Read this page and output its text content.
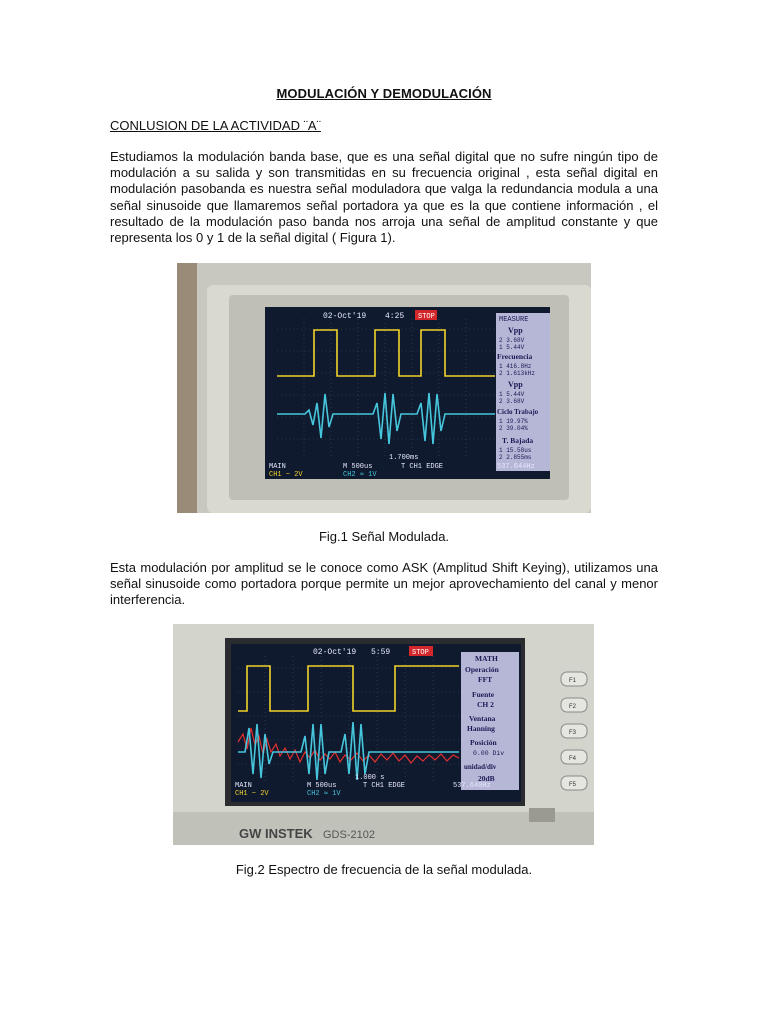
MODULACIÓN Y DEMODULACIÓN
CONLUSION DE LA ACTIVIDAD ¨A¨

Estudiamos la modulación banda base, que es una señal digital que no sufre ningún tipo de modulación a su salida y son transmitidas en su frecuencia original , esta señal digital en modulación pasobanda es nuestra señal moduladora que valga la redundancia modula a una señal sinusoide que llamaremos señal portadora ya que es la que contiene información , el resultado de la modulación paso banda nos arroja una señal de amplitud constante y que representa los 0 y 1 de la señal digital ( Figura 1).

02-Oct'19 4:25 STOP	MEASURE
Vpp
2 3.68V
1 5.44V
Frecuencia
1 416.8Hz
2 1.613kHz
Vpp
1 5.44V
2 3.68V
Ciclo Trabajo
1 19.97%
2 39.04%
T. Bajada
1 15.58us
2 2.855ms
1.700ms
MAIN	M 500us	T CH1 EDGE	537.644Hz
CH1 ~ 2V	CH2 ≃ 1V
Fig.1 Señal Modulada.

Esta modulación por amplitud se le conoce como ASK (Amplitud Shift Keying), utilizamos una señal sinusoide como portadora porque permite un mejor aprovechamiento del canal y menor interferencia.

02-Oct'19 5:59	STOP
MATH
Operación
FFT
Fuente
CH 2
Ventana
Hanning
Posición
0.00 Div
unidad/div
20dB
1.000 s
MAIN	M 500us	T CH1 EDGE	537.640Hz
CH1 ~ 2V	CH2 ≃ 1V
F1
F2
F3
F4
F5
GW INSTEK GDS-2102
Fig.2 Espectro de frecuencia de la señal modulada.
